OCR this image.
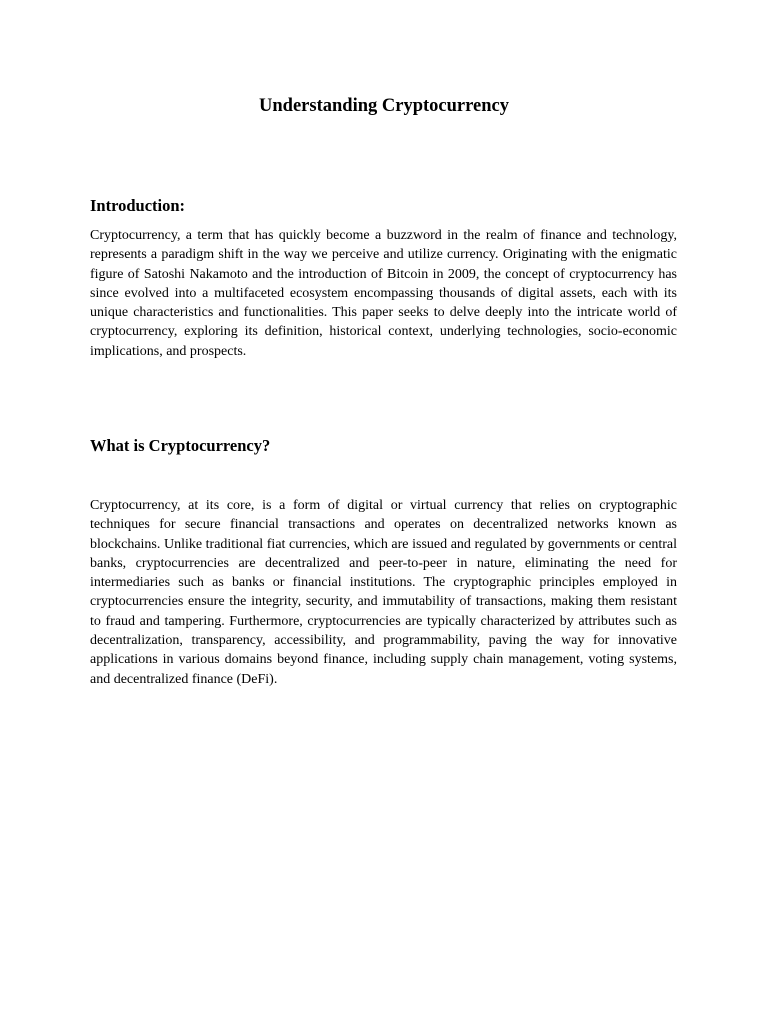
Understanding Cryptocurrency
Introduction:

Cryptocurrency, a term that has quickly become a buzzword in the realm of finance and technology, represents a paradigm shift in the way we perceive and utilize currency. Originating with the enigmatic figure of Satoshi Nakamoto and the introduction of Bitcoin in 2009, the concept of cryptocurrency has since evolved into a multifaceted ecosystem encompassing thousands of digital assets, each with its unique characteristics and functionalities. This paper seeks to delve deeply into the intricate world of cryptocurrency, exploring its definition, historical context, underlying technologies, socio-economic implications, and prospects.

What is Cryptocurrency?

Cryptocurrency, at its core, is a form of digital or virtual currency that relies on cryptographic techniques for secure financial transactions and operates on decentralized networks known as blockchains. Unlike traditional fiat currencies, which are issued and regulated by governments or central banks, cryptocurrencies are decentralized and peer-to-peer in nature, eliminating the need for intermediaries such as banks or financial institutions. The cryptographic principles employed in cryptocurrencies ensure the integrity, security, and immutability of transactions, making them resistant to fraud and tampering. Furthermore, cryptocurrencies are typically characterized by attributes such as decentralization, transparency, accessibility, and programmability, paving the way for innovative applications in various domains beyond finance, including supply chain management, voting systems, and decentralized finance (DeFi).
